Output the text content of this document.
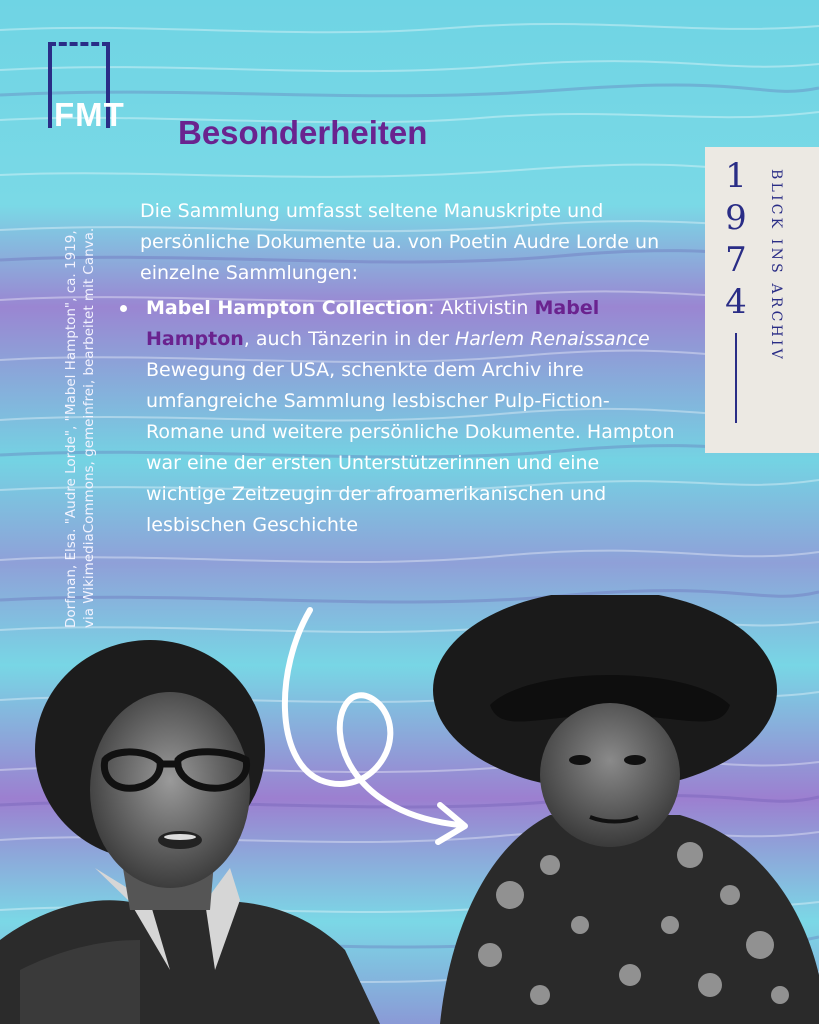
FMT Besonderheiten
Dorfman, Elsa. "Audre Lorde", "Mabel Hampton", ca. 1919, via WikimediaCommons, gemeinfrei, bearbeitet mit Canva.
1
9
7
4 BLICK INS ARCHIV

Die Sammlung umfasst seltene Manuskripte und persönliche Dokumente ua. von Poetin Audre Lorde un einzelne Sammlungen:

Mabel Hampton Collection: Aktivistin Mabel Hampton, auch Tänzerin in der Harlem Renaissance Bewegung der USA, schenkte dem Archiv ihre umfangreiche Sammlung lesbischer Pulp-Fiction-Romane und weitere persönliche Dokumente. Hampton war eine der ersten Unterstützerinnen und eine wichtige Zeitzeugin der afroamerikanischen und lesbischen Geschichte
